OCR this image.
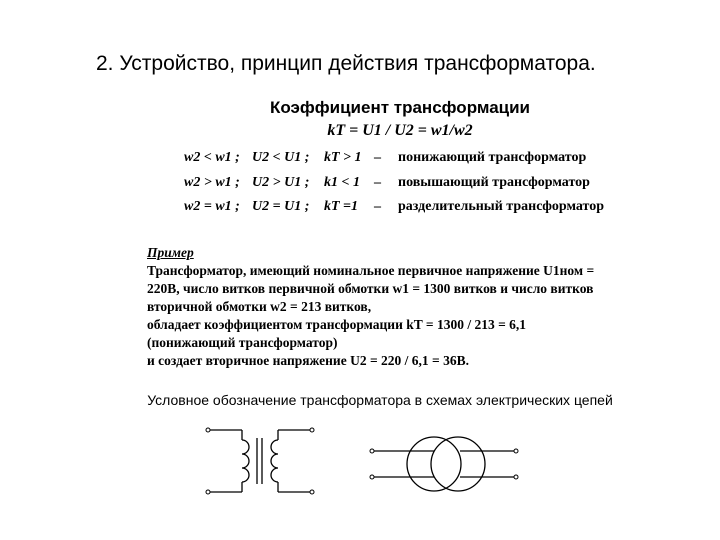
2. Устройство, принцип действия трансформатора.
Коэффициент трансформации
kT = U1 / U2 = w1/w2
w2 < w1 ; U2 < U1 ; kT > 1 – понижающий трансформатор
w2 > w1 ; U2 > U1 ; k1 < 1 – повышающий трансформатор
w2 = w1 ; U2 = U1 ; kT =1 – разделительный трансформатор
Пример
Трансформатор, имеющий номинальное первичное напряжение U1ном =
220В, число витков первичной обмотки w1 = 1300 витков и число витков
вторичной обмотки w2 = 213 витков,
обладает коэффициентом трансформации kT = 1300 / 213 = 6,1
(понижающий трансформатор)
и создает вторичное напряжение U2 = 220 / 6,1 = 36В.
Условное обозначение трансформатора в схемах электрических цепей
